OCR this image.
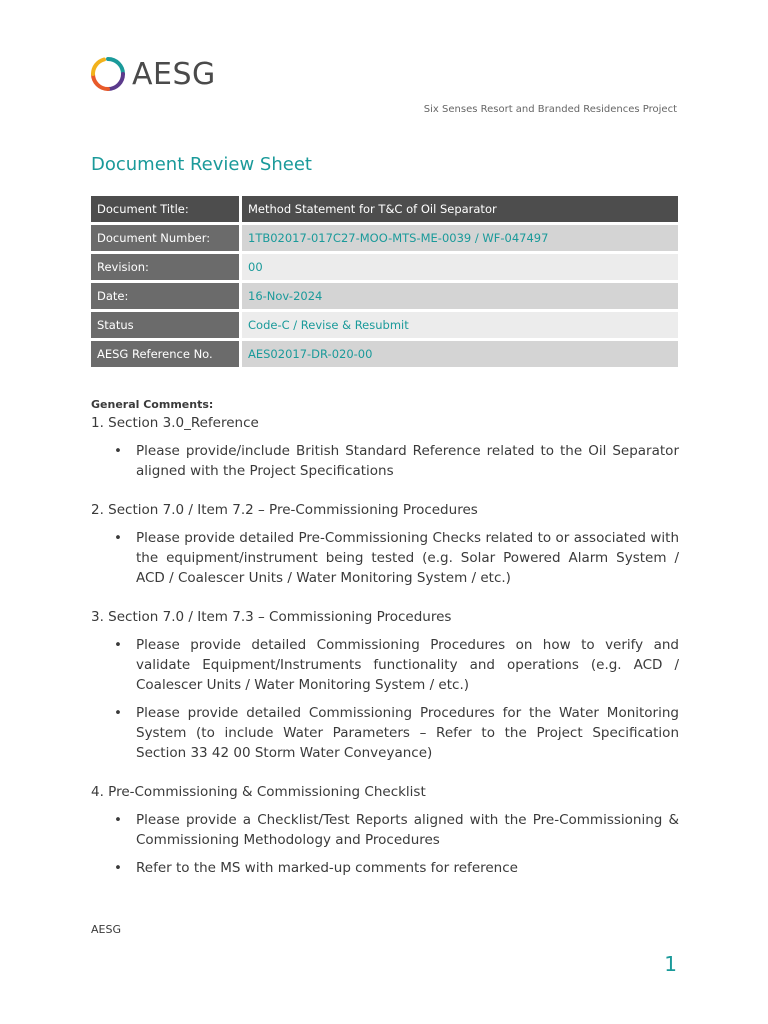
AESG
Six Senses Resort and Branded Residences Project
Document Review Sheet
Document Title:		Method Statement for T&C of Oil Separator
Document Number:		1TB02017-017C27-MOO-MTS-ME-0039 / WF-047497
Revision:		00
Date:		16-Nov-2024
Status		Code-C / Revise & Resubmit
AESG Reference No.		AES02017-DR-020-00
General Comments:
1. Section 3.0_Reference
• Please provide/include British Standard Reference related to the Oil Separator aligned with the Project Specifications
2. Section 7.0 / Item 7.2 – Pre-Commissioning Procedures
• Please provide detailed Pre-Commissioning Checks related to or associated with the equipment/instrument being tested (e.g. Solar Powered Alarm System / ACD / Coalescer Units / Water Monitoring System / etc.)
3. Section 7.0 / Item 7.3 – Commissioning Procedures
• Please provide detailed Commissioning Procedures on how to verify and validate Equipment/Instruments functionality and operations (e.g. ACD / Coalescer Units / Water Monitoring System / etc.)
• Please provide detailed Commissioning Procedures for the Water Monitoring System (to include Water Parameters – Refer to the Project Specification Section 33 42 00 Storm Water Conveyance)
4. Pre-Commissioning & Commissioning Checklist
• Please provide a Checklist/Test Reports aligned with the Pre-Commissioning & Commissioning Methodology and Procedures
• Refer to the MS with marked-up comments for reference
AESG
1
